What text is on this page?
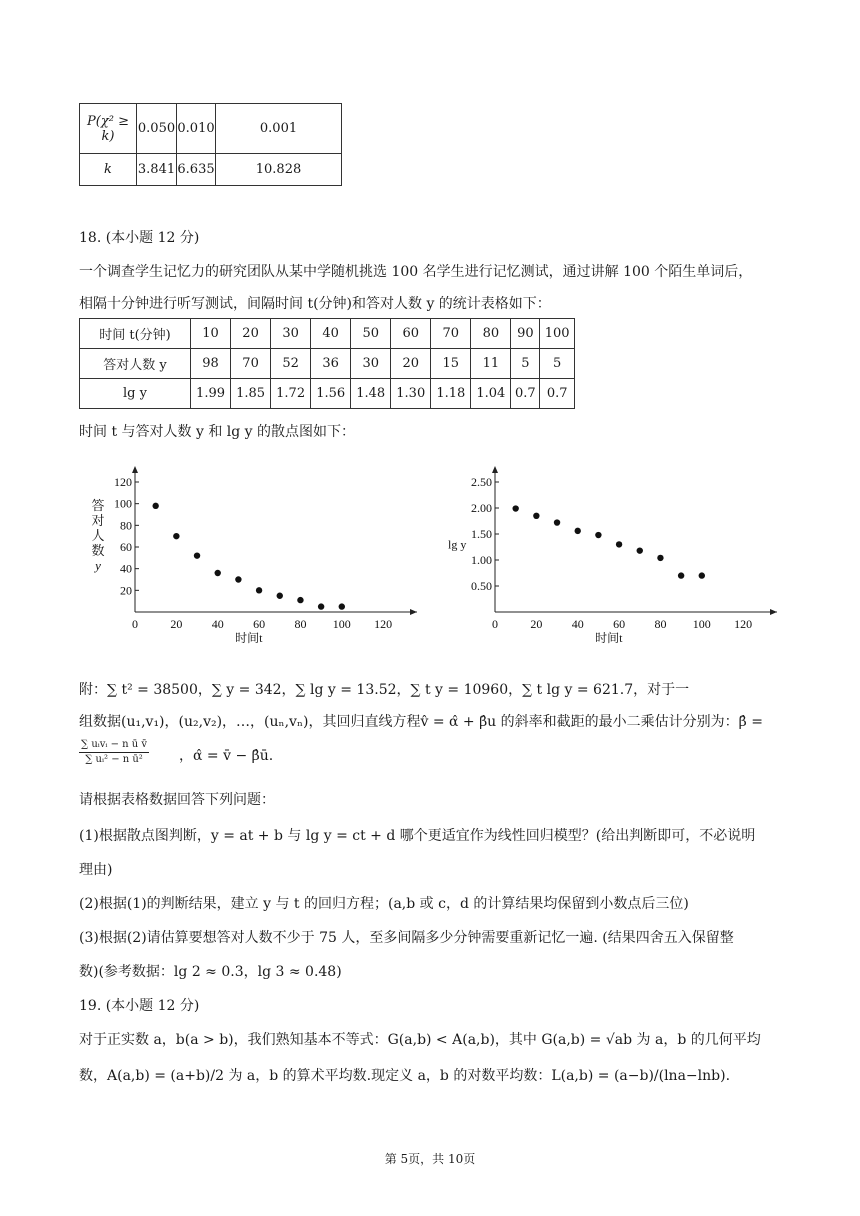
P(χ² ≥ k)	0.050	0.010	0.001
k	3.841	6.635	10.828
18. (本小题 12 分)
一个调查学生记忆力的研究团队从某中学随机挑选 100 名学生进行记忆测试，通过讲解 100 个陌生单词后，
相隔十分钟进行听写测试，间隔时间 t(分钟)和答对人数 y 的统计表格如下：
时间 t(分钟)	10	20	30	40	50	60	70	80	90	100
答对人数 y	98	70	52	36	30	20	15	11	5	5
lg y	1.99	1.85	1.72	1.56	1.48	1.30	1.18	1.04	0.7	0.7
时间 t 与答对人数 y 和 lg y 的散点图如下：
0	20 40 60 80 100 120
20
40
60
80
100
120
时间t
答
对
人
数
y
0	20 40 60 80 100 120
0.50
1.00
1.50
2.00
2.50
时间t
lg y
附：∑ t² = 38500，∑ y = 342，∑ lg y = 13.52，∑ t y = 10960，∑ t lg y = 621.7，对于一
组数据(u₁,v₁)，(u₂,v₂)，…，(uₙ,vₙ)，其回归直线方程v̂ = α̂ + β̂u 的斜率和截距的最小二乘估计分别为：β̂ =
∑ uᵢvᵢ − n ū v̄
∑ uᵢ² − n ū²	，α̂ = v̄ − β̂ū.
请根据表格数据回答下列问题：
(1)根据散点图判断，y = at + b 与 lg y = ct + d 哪个更适宜作为线性回归模型？(给出判断即可，不必说明
理由)
(2)根据(1)的判断结果，建立 y 与 t 的回归方程；(a,b 或 c，d 的计算结果均保留到小数点后三位)
(3)根据(2)请估算要想答对人数不少于 75 人，至多间隔多少分钟需要重新记忆一遍. (结果四舍五入保留整
数)(参考数据：lg 2 ≈ 0.3，lg 3 ≈ 0.48)
19. (本小题 12 分)
对于正实数 a，b(a > b)，我们熟知基本不等式：G(a,b) < A(a,b)，其中 G(a,b) = √ab 为 a，b 的几何平均
数，A(a,b) = (a+b)/2 为 a，b 的算术平均数.现定义 a，b 的对数平均数：L(a,b) = (a−b)/(lna−lnb).
第 5页，共 10页
